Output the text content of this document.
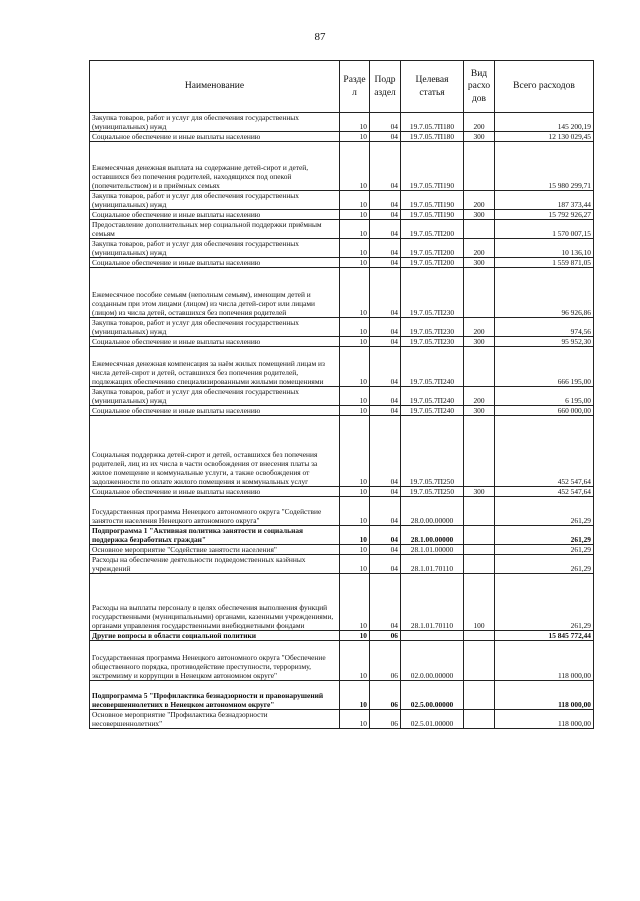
87
Наименование	Разде л	Подр аздел	Целевая статья	Вид расхо дов	Всего расходов
Закупка товаров, работ и услуг для обеспечения государственных (муниципальных) нужд	10	04	19.7.05.7П180	200	145 200,19
Социальное обеспечение и иные выплаты населению	10	04	19.7.05.7П180	300	12 130 029,45
Ежемесячная денежная выплата на содержание детей-сирот и детей, оставшихся без попечения родителей, находящихся под опекой (попечительством) и в приёмных семьях	10	04	19.7.05.7П190		15 980 299,71
Закупка товаров, работ и услуг для обеспечения государственных (муниципальных) нужд	10	04	19.7.05.7П190	200	187 373,44
Социальное обеспечение и иные выплаты населению	10	04	19.7.05.7П190	300	15 792 926,27
Предоставление дополнительных мер социальной поддержки приёмным семьям	10	04	19.7.05.7П200		1 570 007,15
Закупка товаров, работ и услуг для обеспечения государственных (муниципальных) нужд	10	04	19.7.05.7П200	200	10 136,10
Социальное обеспечение и иные выплаты населению	10	04	19.7.05.7П200	300	1 559 871,05
Ежемесячное пособие семьям (неполным семьям), имеющим детей и созданным при этом лицами (лицом) из числа детей-сирот или лицами (лицом) из числа детей, оставшихся без попечения родителей	10	04	19.7.05.7П230		96 926,86
Закупка товаров, работ и услуг для обеспечения государственных (муниципальных) нужд	10	04	19.7.05.7П230	200	974,56
Социальное обеспечение и иные выплаты населению	10	04	19.7.05.7П230	300	95 952,30
Ежемесячная денежная компенсация за наём жилых помещений лицам из числа детей-сирот и детей, оставшихся без попечения родителей, подлежащих обеспечению специализированными жилыми помещениями	10	04	19.7.05.7П240		666 195,00
Закупка товаров, работ и услуг для обеспечения государственных (муниципальных) нужд	10	04	19.7.05.7П240	200	6 195,00
Социальное обеспечение и иные выплаты населению	10	04	19.7.05.7П240	300	660 000,00
Социальная поддержка детей-сирот и детей, оставшихся без попечения родителей, лиц из их числа в части освобождения от внесения платы за жилое помещение и коммунальные услуги, а также освобождения от задолженности по оплате жилого помещения и коммунальных услуг	10	04	19.7.05.7П250		452 547,64
Социальное обеспечение и иные выплаты населению	10	04	19.7.05.7П250	300	452 547,64
Государственная программа Ненецкого автономного округа "Содействие занятости населения Ненецкого автономного округа"	10	04	28.0.00.00000		261,29
Подпрограмма 1 "Активная политика занятости и социальная поддержка безработных граждан"	10	04	28.1.00.00000		261,29
Основное мероприятие "Содействие занятости населения"	10	04	28.1.01.00000		261,29
Расходы на обеспечение деятельности подведомственных казённых учреждений	10	04	28.1.01.70110		261,29
Расходы на выплаты персоналу в целях обеспечения выполнения функций государственными (муниципальными) органами, казенными учреждениями, органами управления государственными внебюджетными фондами	10	04	28.1.01.70110	100	261,29
Другие вопросы в области социальной политики	10	06			15 845 772,44
Государственная программа Ненецкого автономного округа "Обеспечение общественного порядка, противодействие преступности, терроризму, экстремизму и коррупции в Ненецком автономном округе"	10	06	02.0.00.00000		118 000,00
Подпрограмма 5 "Профилактика безнадзорности и правонарушений несовершеннолетних в Ненецком автономном округе"	10	06	02.5.00.00000		118 000,00
Основное мероприятие "Профилактика безнадзорности несовершеннолетних"	10	06	02.5.01.00000		118 000,00
